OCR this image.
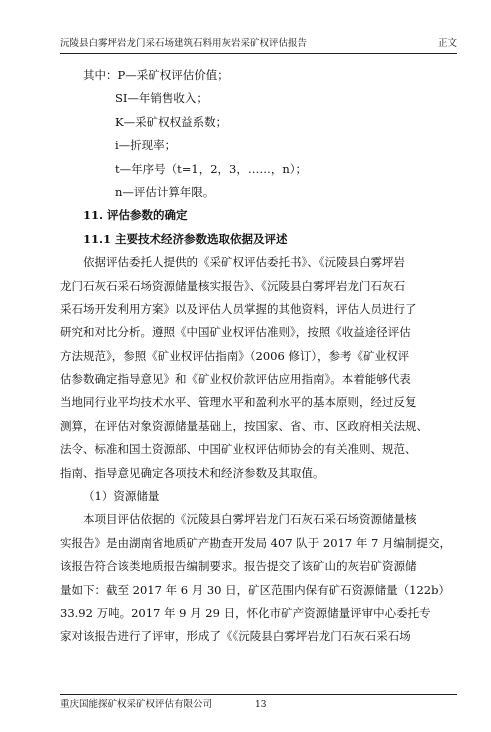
沅陵县白雾坪岩龙门采石场建筑石料用灰岩采矿权评估报告	正文
其中：P—采矿权评估价值；
SI—年销售收入；
K—采矿权权益系数；
i—折现率；
t—年序号（t=1，2，3，……，n）；
n—评估计算年限。
11. 评估参数的确定
11.1 主要技术经济参数选取依据及评述
依据评估委托人提供的《采矿权评估委托书》、《沅陵县白雾坪岩
龙门石灰石采石场资源储量核实报告》、《沅陵县白雾坪岩龙门石灰石
采石场开发利用方案》以及评估人员掌握的其他资料，评估人员进行了
研究和对比分析。遵照《中国矿业权评估准则》，按照《收益途径评估
方法规范》，参照《矿业权评估指南》（2006 修订），参考《矿业权评
估参数确定指导意见》和《矿业权价款评估应用指南》。本着能够代表
当地同行业平均技术水平、管理水平和盈利水平的基本原则，经过反复
测算，在评估对象资源储量基础上，按国家、省、市、区政府相关法规、
法令、标准和国土资源部、中国矿业权评估师协会的有关准则、规范、
指南、指导意见确定各项技术和经济参数及其取值。
（1）资源储量
本项目评估依据的《沅陵县白雾坪岩龙门石灰石采石场资源储量核
实报告》是由湖南省地质矿产勘查开发局 407 队于 2017 年 7 月编制提交，
该报告符合该类地质报告编制要求。报告提交了该矿山的灰岩矿资源储
量如下：截至 2017 年 6 月 30 日，矿区范围内保有矿石资源储量（122b）
33.92 万吨。2017 年 9 月 29 日，怀化市矿产资源储量评审中心委托专
家对该报告进行了评审，形成了《《沅陵县白雾坪岩龙门石灰石采石场
重庆国能探矿权采矿权评估有限公司	13
